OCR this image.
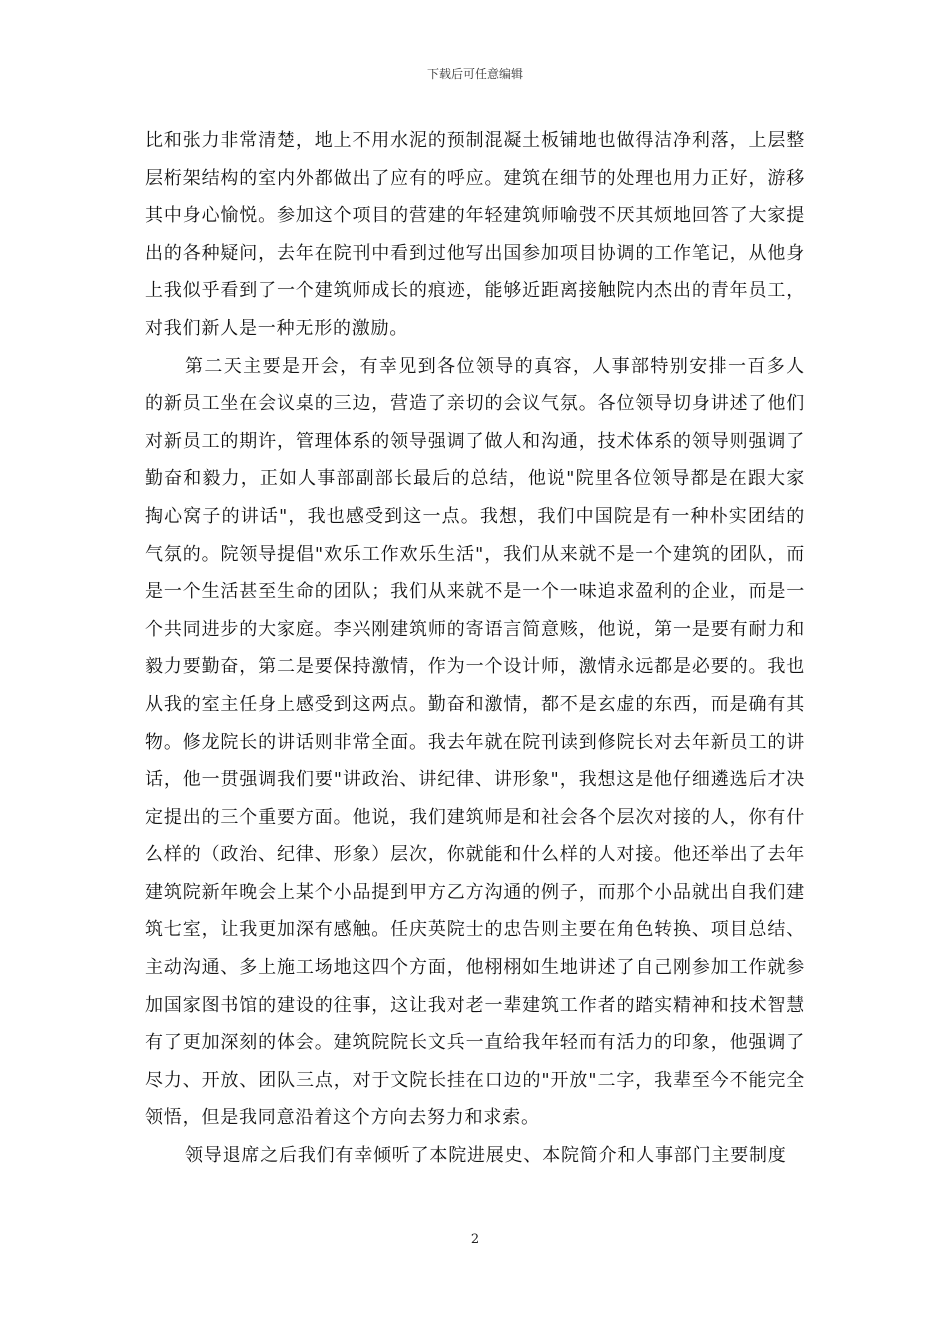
下载后可任意编辑

比和张力非常清楚，地上不用水泥的预制混凝土板铺地也做得洁净利落，上层整层桁架结构的室内外都做出了应有的呼应。建筑在细节的处理也用力正好，游移其中身心愉悦。参加这个项目的营建的年轻建筑师喻弢不厌其烦地回答了大家提出的各种疑问，去年在院刊中看到过他写出国参加项目协调的工作笔记，从他身上我似乎看到了一个建筑师成长的痕迹，能够近距离接触院内杰出的青年员工，对我们新人是一种无形的激励。

第二天主要是开会，有幸见到各位领导的真容，人事部特别安排一百多人的新员工坐在会议桌的三边，营造了亲切的会议气氛。各位领导切身讲述了他们对新员工的期许，管理体系的领导强调了做人和沟通，技术体系的领导则强调了勤奋和毅力，正如人事部副部长最后的总结，他说"院里各位领导都是在跟大家掏心窝子的讲话"，我也感受到这一点。我想，我们中国院是有一种朴实团结的气氛的。院领导提倡"欢乐工作欢乐生活"，我们从来就不是一个建筑的团队，而是一个生活甚至生命的团队；我们从来就不是一个一味追求盈利的企业，而是一个共同进步的大家庭。李兴刚建筑师的寄语言简意赅，他说，第一是要有耐力和毅力要勤奋，第二是要保持激情，作为一个设计师，激情永远都是必要的。我也从我的室主任身上感受到这两点。勤奋和激情，都不是玄虚的东西，而是确有其物。修龙院长的讲话则非常全面。我去年就在院刊读到修院长对去年新员工的讲话，他一贯强调我们要"讲政治、讲纪律、讲形象"，我想这是他仔细遴选后才决定提出的三个重要方面。他说，我们建筑师是和社会各个层次对接的人，你有什么样的（政治、纪律、形象）层次，你就能和什么样的人对接。他还举出了去年建筑院新年晚会上某个小品提到甲方乙方沟通的例子，而那个小品就出自我们建筑七室，让我更加深有感触。任庆英院士的忠告则主要在角色转换、项目总结、主动沟通、多上施工场地这四个方面，他栩栩如生地讲述了自己刚参加工作就参加国家图书馆的建设的往事，这让我对老一辈建筑工作者的踏实精神和技术智慧有了更加深刻的体会。建筑院院长文兵一直给我年轻而有活力的印象，他强调了尽力、开放、团队三点，对于文院长挂在口边的"开放"二字，我辈至今不能完全领悟，但是我同意沿着这个方向去努力和求索。

领导退席之后我们有幸倾听了本院进展史、本院简介和人事部门主要制度

2
